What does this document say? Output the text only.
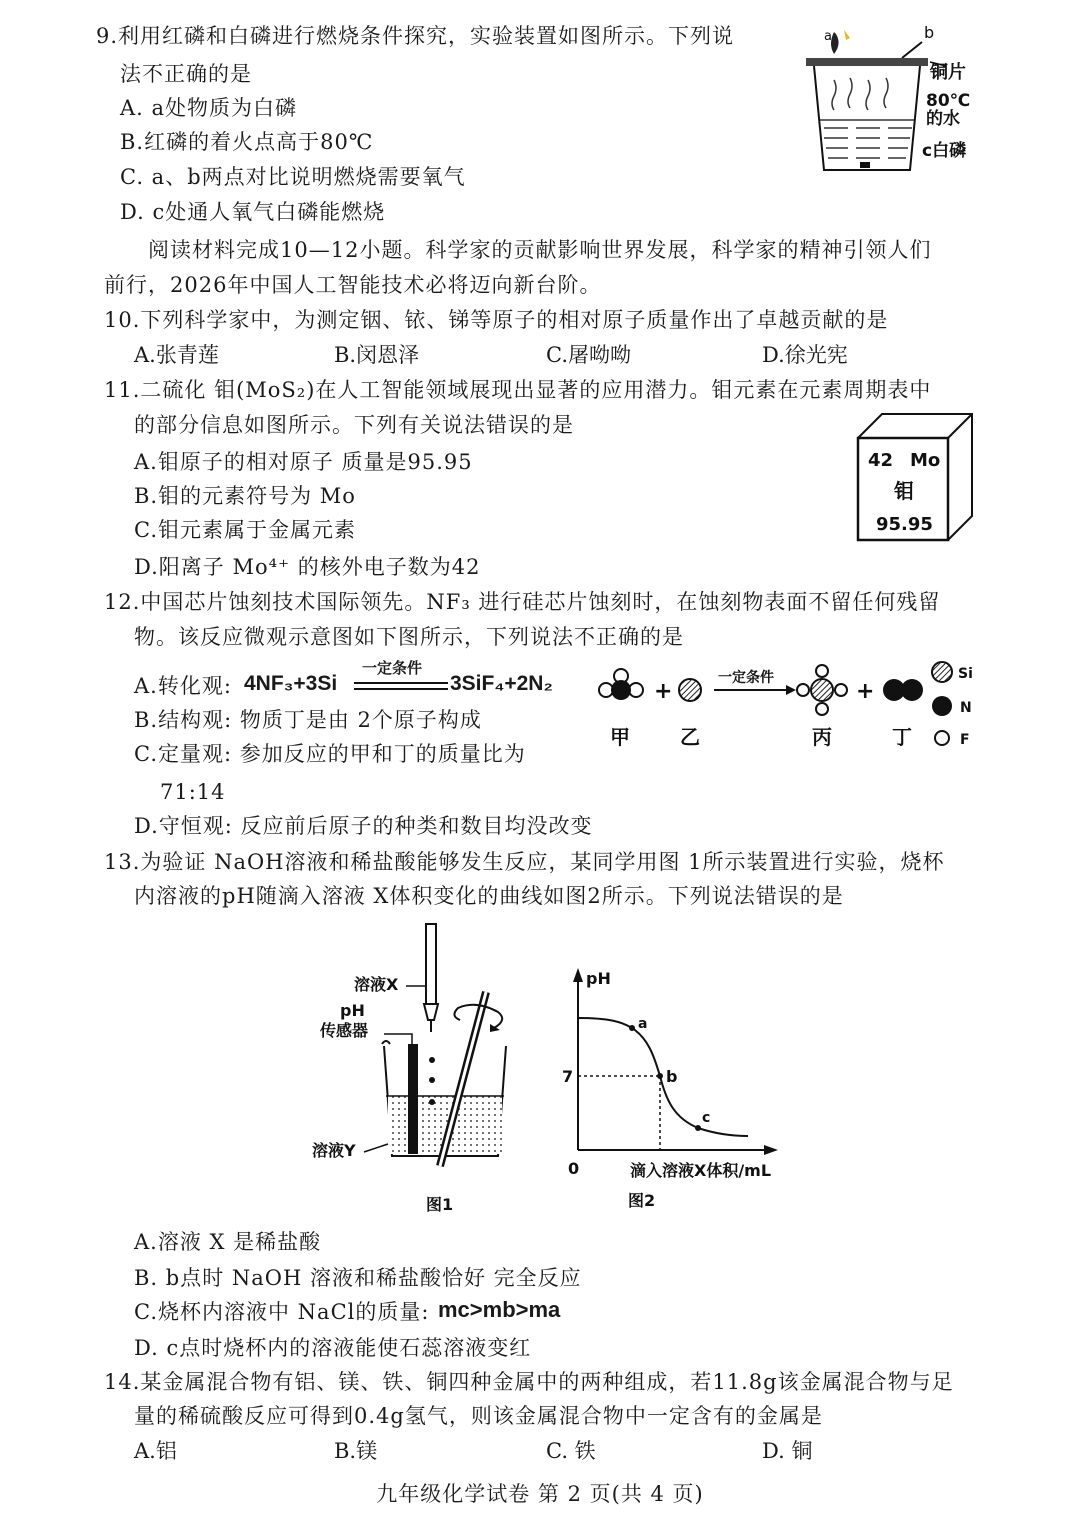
9.利用红磷和白磷进行燃烧条件探究，实验装置如图所示。下列说
法不正确的是
A. a处物质为白磷
B.红磷的着火点高于80℃
C. a、b两点对比说明燃烧需要氧气
D. c处通人氧气白磷能燃烧
a	b
铜片
80℃
的水
c白磷
阅读材料完成10—12小题。科学家的贡献影响世界发展，科学家的精神引领人们
前行，2026年中国人工智能技术必将迈向新台阶。
10.下列科学家中，为测定铟、铱、锑等原子的相对原子质量作出了卓越贡献的是
A.张青莲	B.闵恩泽	C.屠呦呦	D.徐光宪
11.二硫化 钼(MoS₂)在人工智能领域展现出显著的应用潜力。钼元素在元素周期表中
的部分信息如图所示。下列有关说法错误的是
A.钼原子的相对原子 质量是95.95
B.钼的元素符号为 Mo
C.钼元素属于金属元素
D.阳离子 Mo⁴⁺ 的核外电子数为42
42 Mo
钼
95.95
12.中国芯片蚀刻技术国际领先。NF₃ 进行硅芯片蚀刻时，在蚀刻物表面不留任何残留
物。该反应微观示意图如下图所示，下列说法不正确的是
A.转化观: 4NF₃+3Si
一定条件
3SiF₄+2N₂
B.结构观: 物质丁是由 2个原子构成
C.定量观: 参加反应的甲和丁的质量比为
71:14
D.守恒观: 反应前后原子的种类和数目均没改变
+
一定条件
+
甲	乙	丙	丁
Si
N
F
13.为验证 NaOH溶液和稀盐酸能够发生反应，某同学用图 1所示装置进行实验，烧杯
内溶液的pH随滴入溶液 X体积变化的曲线如图2所示。下列说法错误的是
溶液X
pH
传感器
溶液Y
图1
pH
7
0
a
b
c
滴入溶液X体积/mL
图2
A.溶液 X 是稀盐酸
B. b点时 NaOH 溶液和稀盐酸恰好 完全反应
C.烧杯内溶液中 NaCl的质量: mc>mb>ma
D. c点时烧杯内的溶液能使石蕊溶液变红
14.某金属混合物有铝、镁、铁、铜四种金属中的两种组成，若11.8g该金属混合物与足
量的稀硫酸反应可得到0.4g氢气，则该金属混合物中一定含有的金属是
A.铝	B.镁	C. 铁	D. 铜
九年级化学试卷 第 2 页(共 4 页)
